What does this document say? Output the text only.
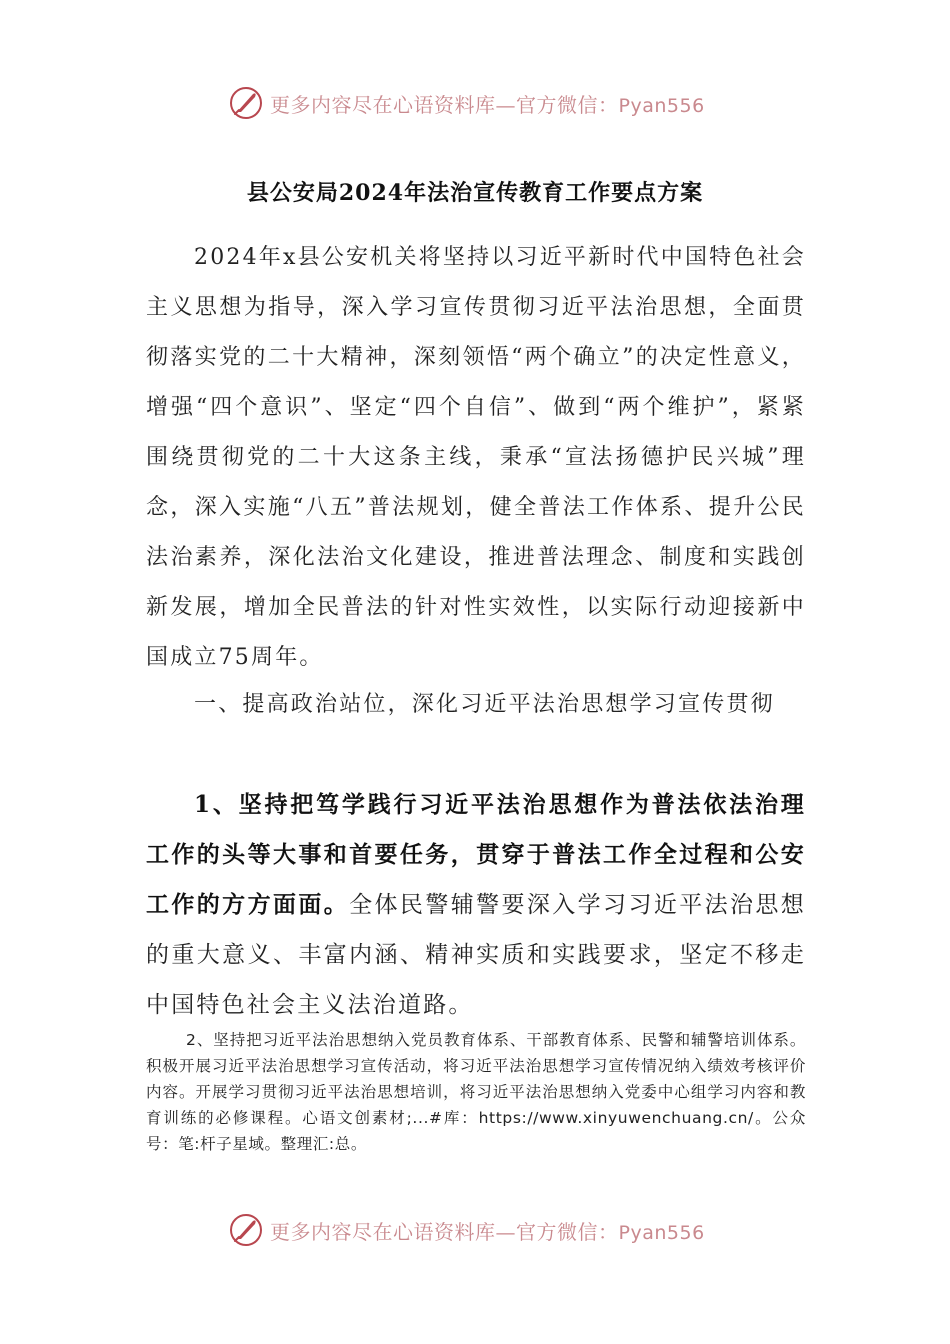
更多内容尽在心语资料库—官方微信：Pyan556
县公安局2024年法治宣传教育工作要点方案
2024年x县公安机关将坚持以习近平新时代中国特色社会主义思想为指导，深入学习宣传贯彻习近平法治思想，全面贯彻落实党的二十大精神，深刻领悟“两个确立”的决定性意义，增强“四个意识”、坚定“四个自信”、做到“两个维护”，紧紧围绕贯彻党的二十大这条主线，秉承“宣法扬德护民兴城”理念，深入实施“八五”普法规划，健全普法工作体系、提升公民法治素养，深化法治文化建设，推进普法理念、制度和实践创新发展，增加全民普法的针对性实效性，以实际行动迎接新中国成立75周年。
一、提高政治站位，深化习近平法治思想学习宣传贯彻
1、坚持把笃学践行习近平法治思想作为普法依法治理工作的头等大事和首要任务，贯穿于普法工作全过程和公安工作的方方面面。全体民警辅警要深入学习习近平法治思想的重大意义、丰富内涵、精神实质和实践要求，坚定不移走中国特色社会主义法治道路。
2、坚持把习近平法治思想纳入党员教育体系、干部教育体系、民警和辅警培训体系。积极开展习近平法治思想学习宣传活动，将习近平法治思想学习宣传情况纳入绩效考核评价内容。开展学习贯彻习近平法治思想培训，将习近平法治思想纳入党委中心组学习内容和教育训练的必修课程。心语文创素材;...#库：https://www.xinyuwenchuang.cn/。公众号：笔:杆子星域。整理汇:总。
更多内容尽在心语资料库—官方微信：Pyan556
